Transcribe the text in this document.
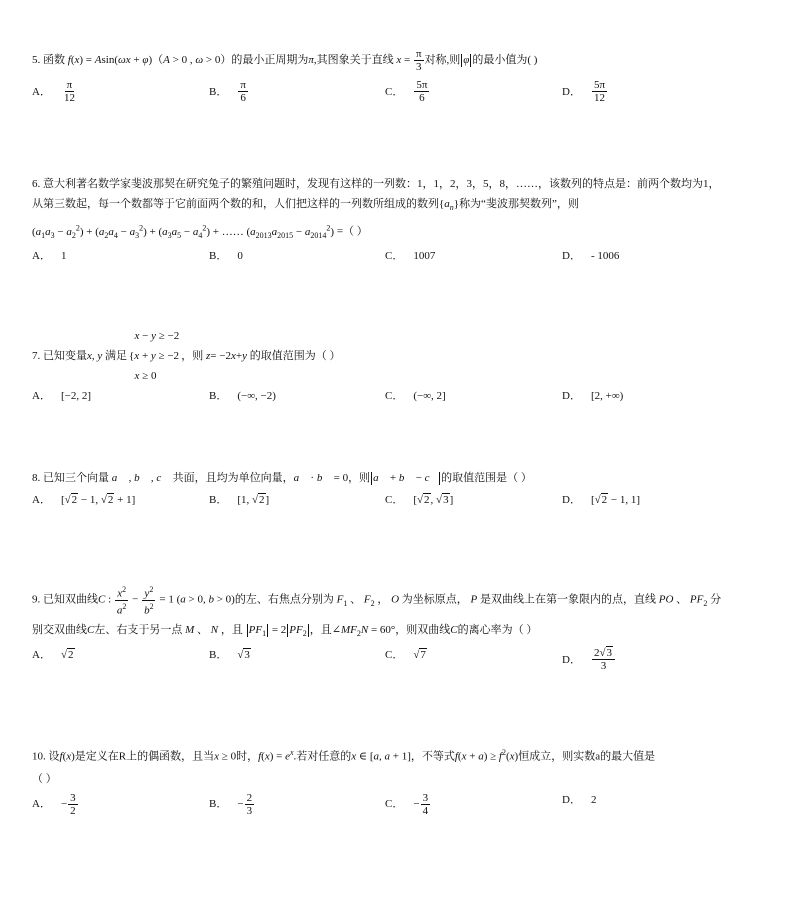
5. 函数 f(x) = Asin(ωx + φ)（A > 0 , ω > 0）的最小正周期为π,其图象关于直线 $x = \frac{\pi}{3}$ 对称,则 φ 的最小值为( )
A． $\frac{\pi}{12}$	B． $\frac{\pi}{6}$	C． $\frac{5\pi}{6}$	D． $\frac{5\pi}{12}$
6. 意大利著名数学家斐波那契在研究兔子的繁殖问题时，发现有这样的一列数：1，1，2，3，5，8，……，该数列的特点是：前两个数均为1，
从第三数起，每一个数都等于它前面两个数的和，人们把这样的一列数所组成的数列$\{a_n\}$称为“斐波那契数列”，则
$(a_1a_3 - a_2^2) + (a_2a_4 - a_3^2) + (a_3a_5 - a_4^2)$ + …… $(a_{2013}a_{2015} - a_{2014}^2)$ =（ ）
A． 1	B． 0	C． 1007	D． - 1006
7.
已知变量 x, y
满足
x − y ≥ −2
{x + y ≥ −2
x ≥ 0
，则
z = −2 x + y
的取值范围为（ ）
A． [−2, 2]	B． (−∞, −2)	C． (−∞, 2]	D． [2, +∞)
8. 已知三个向量 a⃗ , b⃗ , c⃗ 共面，且均为单位向量，a⃗ · b⃗ = 0，则 a⃗ + b⃗ − c⃗ 的取值范围是（ ）
A． [√2 − 1, √2 + 1]	B． [1, √2]	C． [√2, √3]	D． [√2 − 1, 1]
9. 已知双曲线C : $\frac{x^2}{a^2} - \frac{y^2}{b^2} = 1$ (a > 0, b > 0)的左、右焦点分别为 $F_1$ 、 $F_2$ ， O 为坐标原点， P 是双曲线上在第一象限内的点，直线 PO 、 $PF_2$ 分
别交双曲线C左、右支于另一点 M 、 N ，且 $PF_1 = 2$ $PF_2$ ，且$\angle MF_2N = 60^\circ$，则双曲线C的离心率为（ ）
A． √2	B． √3	C． √7	D． $\frac{2√3}{3}$
10. 设f(x)是定义在R上的偶函数，且当x ≥ 0时，$f(x) = e^x$.若对任意的x ∈ [a, a + 1]，不等式$f(x + a) \ge f^2(x)$恒成立，则实数a的最大值是
（ ）
A． − $\frac{3}{2}$	B． − $\frac{2}{3}$	C． − $\frac{3}{4}$	D． 2
